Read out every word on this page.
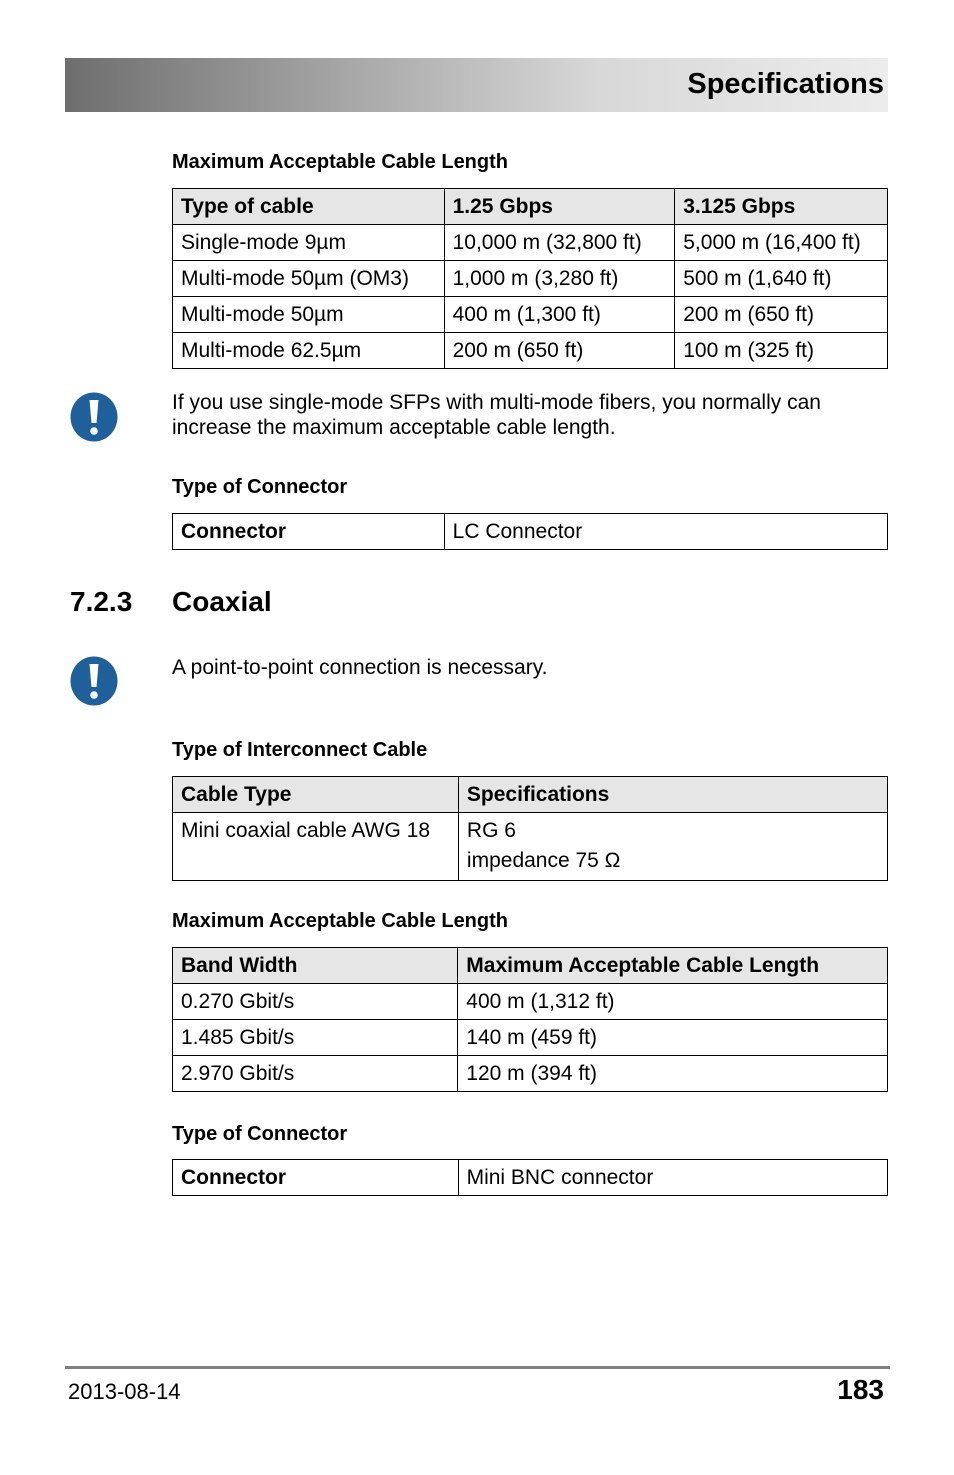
Specifications
Maximum Acceptable Cable Length
Type of cable	1.25 Gbps	3.125 Gbps
Single-mode 9µm	10,000 m (32,800 ft)	5,000 m (16,400 ft)
Multi-mode 50µm (OM3)	1,000 m (3,280 ft)	500 m (1,640 ft)
Multi-mode 50µm	400 m (1,300 ft)	200 m (650 ft)
Multi-mode 62.5µm	200 m (650 ft)	100 m (325 ft)
If you use single-mode SFPs with multi-mode fibers, you normally can increase the maximum acceptable cable length.
Type of Connector
Connector	LC Connector
7.2.3 Coaxial
A point-to-point connection is necessary.
Type of Interconnect Cable
Cable Type	Specifications

Mini coaxial cable AWG 18	RG 6
impedance 75 Ω
Maximum Acceptable Cable Length
Band Width	Maximum Acceptable Cable Length
0.270 Gbit/s	400 m (1,312 ft)
1.485 Gbit/s	140 m (459 ft)
2.970 Gbit/s	120 m (394 ft)
Type of Connector
Connector	Mini BNC connector
2013-08-14	183
